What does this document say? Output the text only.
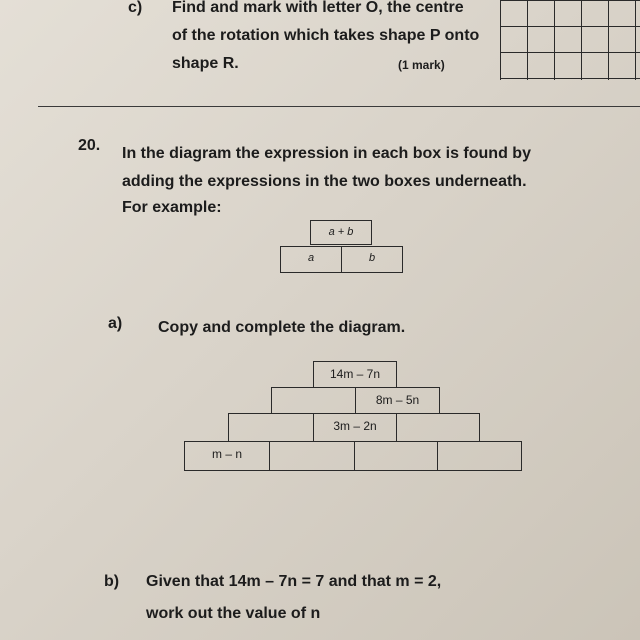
c) Find and mark with letter O, the centre
of the rotation which takes shape P onto
shape R.	(1 mark)
20. In the diagram the expression in each box is found by
adding the expressions in the two boxes underneath.
For example:
a + b
a	b
a) Copy and complete the diagram.
14m – 7n
8m – 5n
3m – 2n
m – n
b) Given that 14m – 7n = 7 and that m = 2,
work out the value of n
